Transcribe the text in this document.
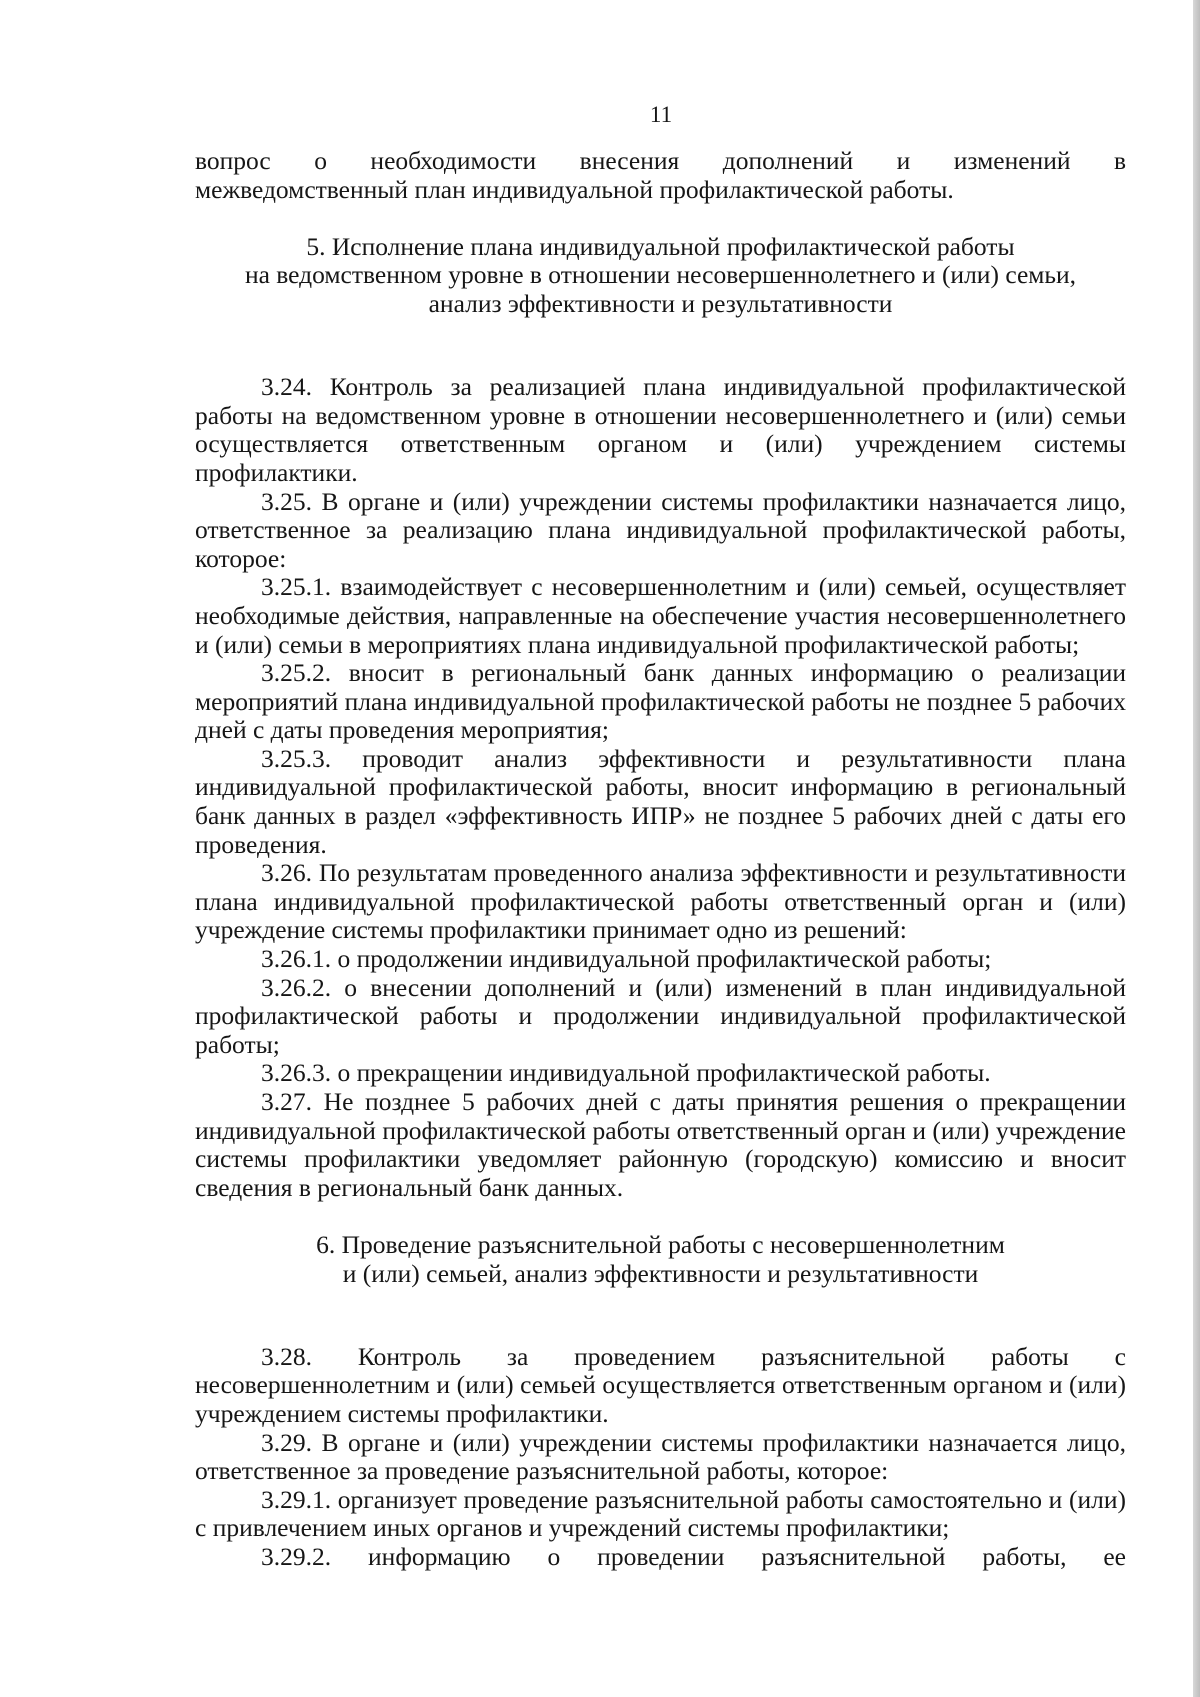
11
вопрос о необходимости внесения дополнений и изменений в
межведомственный план индивидуальной профилактической работы.
5. Исполнение плана индивидуальной профилактической работы
на ведомственном уровне в отношении несовершеннолетнего и (или) семьи,
анализ эффективности и результативности

3.24. Контроль за реализацией плана индивидуальной профилактической работы на ведомственном уровне в отношении несовершеннолетнего и (или) семьи осуществляется ответственным органом и (или) учреждением системы профилактики.

3.25. В органе и (или) учреждении системы профилактики назначается лицо, ответственное за реализацию плана индивидуальной профилактической работы, которое:

3.25.1. взаимодействует с несовершеннолетним и (или) семьей, осуществляет необходимые действия, направленные на обеспечение участия несовершеннолетнего и (или) семьи в мероприятиях плана индивидуальной профилактической работы;

3.25.2. вносит в региональный банк данных информацию о реализации мероприятий плана индивидуальной профилактической работы не позднее 5 рабочих дней с даты проведения мероприятия;

3.25.3. проводит анализ эффективности и результативности плана индивидуальной профилактической работы, вносит информацию в региональный банк данных в раздел «эффективность ИПР» не позднее 5 рабочих дней с даты его проведения.

3.26. По результатам проведенного анализа эффективности и результативности плана индивидуальной профилактической работы ответственный орган и (или) учреждение системы профилактики принимает одно из решений:

3.26.1. о продолжении индивидуальной профилактической работы;

3.26.2. о внесении дополнений и (или) изменений в план индивидуальной профилактической работы и продолжении индивидуальной профилактической работы;

3.26.3. о прекращении индивидуальной профилактической работы.

3.27. Не позднее 5 рабочих дней с даты принятия решения о прекращении индивидуальной профилактической работы ответственный орган и (или) учреждение системы профилактики уведомляет районную (городскую) комиссию и вносит сведения в региональный банк данных.

6. Проведение разъяснительной работы с несовершеннолетним
и (или) семьей, анализ эффективности и результативности

3.28. Контроль за проведением разъяснительной работы с несовершеннолетним и (или) семьей осуществляется ответственным органом и (или) учреждением системы профилактики.

3.29. В органе и (или) учреждении системы профилактики назначается лицо, ответственное за проведение разъяснительной работы, которое:

3.29.1. организует проведение разъяснительной работы самостоятельно и (или) с привлечением иных органов и учреждений системы профилактики;

3.29.2. информацию о проведении разъяснительной работы, ее
